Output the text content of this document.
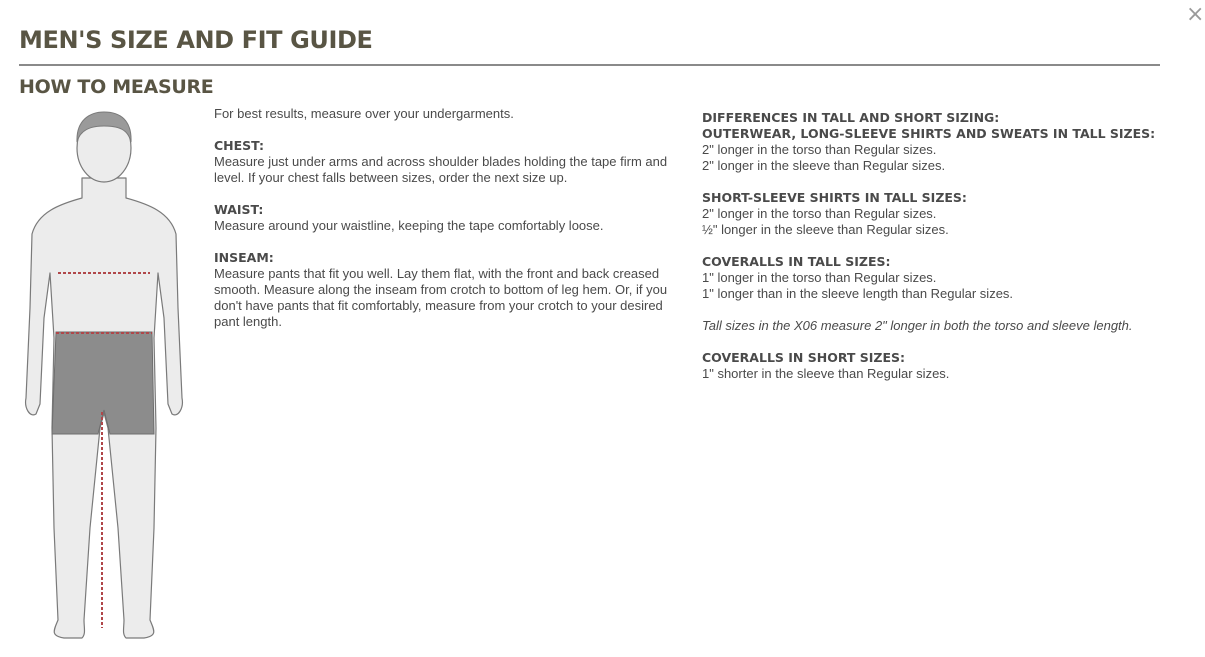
×
MEN'S SIZE AND FIT GUIDE
HOW TO MEASURE

For best results, measure over your undergarments.

CHEST:

Measure just under arms and across shoulder blades holding the tape firm and level. If your chest falls between sizes, order the next size up.

WAIST:

Measure around your waistline, keeping the tape comfortably loose.

INSEAM:

Measure pants that fit you well. Lay them flat, with the front and back creased smooth. Measure along the inseam from crotch to bottom of leg hem. Or, if you don't have pants that fit comfortably, measure from your crotch to your desired pant length.

DIFFERENCES IN TALL AND SHORT SIZING:

OUTERWEAR, LONG-SLEEVE SHIRTS AND SWEATS IN TALL SIZES:

2" longer in the torso than Regular sizes.

2" longer in the sleeve than Regular sizes.

SHORT-SLEEVE SHIRTS IN TALL SIZES:

2" longer in the torso than Regular sizes.

½" longer in the sleeve than Regular sizes.

COVERALLS IN TALL SIZES:

1" longer in the torso than Regular sizes.

1" longer than in the sleeve length than Regular sizes.

Tall sizes in the X06 measure 2" longer in both the torso and sleeve length.

COVERALLS IN SHORT SIZES:

1" shorter in the sleeve than Regular sizes.
